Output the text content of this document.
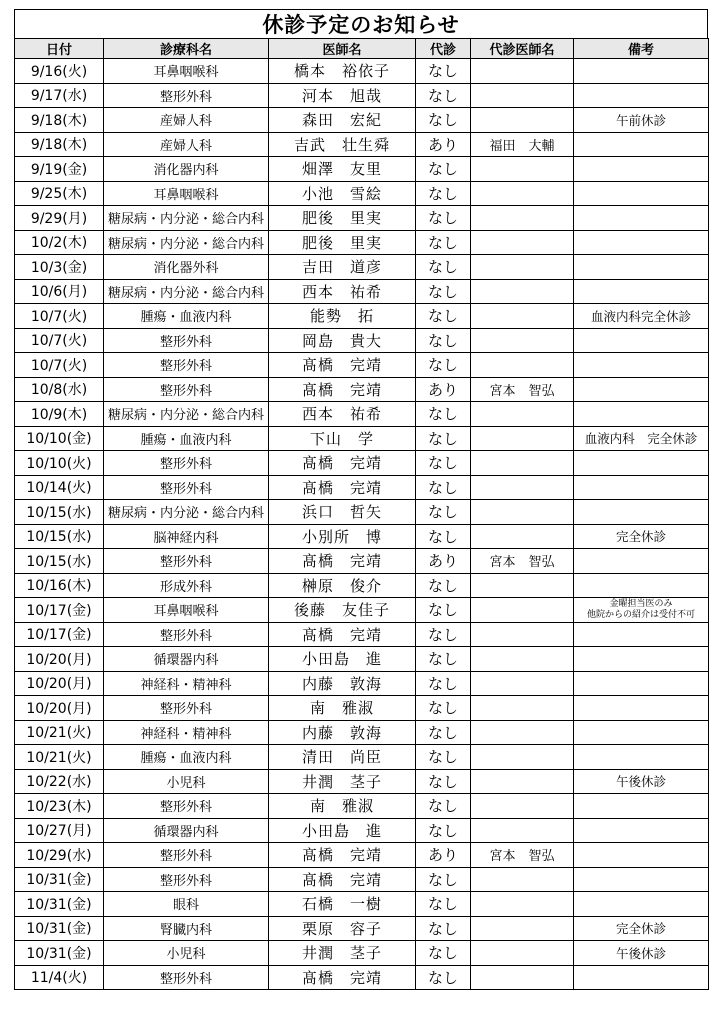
休診予定のお知らせ
日付	診療科名	医師名	代診	代診医師名	備考
9/16(火)	耳鼻咽喉科	橋本　裕依子	なし		
9/17(水)	整形外科	河本　旭哉	なし		
9/18(木)	産婦人科	森田　宏紀	なし		午前休診
9/18(木)	産婦人科	吉武　壮生舜	あり	福田　大輔	
9/19(金)	消化器内科	畑澤　友里	なし		
9/25(木)	耳鼻咽喉科	小池　雪絵	なし		
9/29(月)	糖尿病・内分泌・総合内科	肥後　里実	なし		
10/2(木)	糖尿病・内分泌・総合内科	肥後　里実	なし		
10/3(金)	消化器外科	吉田　道彦	なし		
10/6(月)	糖尿病・内分泌・総合内科	西本　祐希	なし		
10/7(火)	腫瘍・血液内科	能勢　拓	なし		血液内科完全休診
10/7(火)	整形外科	岡島　貴大	なし		
10/7(火)	整形外科	髙橋　完靖	なし		
10/8(水)	整形外科	髙橋　完靖	あり	宮本　智弘	
10/9(木)	糖尿病・内分泌・総合内科	西本　祐希	なし		
10/10(金)	腫瘍・血液内科	下山　学	なし		血液内科　完全休診
10/10(火)	整形外科	髙橋　完靖	なし		
10/14(火)	整形外科	髙橋　完靖	なし		
10/15(水)	糖尿病・内分泌・総合内科	浜口　哲矢	なし		
10/15(水)	脳神経内科	小別所　博	なし		完全休診
10/15(水)	整形外科	髙橋　完靖	あり	宮本　智弘	
10/16(木)	形成外科	榊原　俊介	なし		
10/17(金)	耳鼻咽喉科	後藤　友佳子	なし		金曜担当医のみ
他院からの紹介は受付不可

10/17(金)	整形外科	髙橋　完靖	なし		
10/20(月)	循環器内科	小田島　進	なし		
10/20(月)	神経科・精神科	内藤　敦海	なし		
10/20(月)	整形外科	南　雅淑	なし		
10/21(火)	神経科・精神科	内藤　敦海	なし		
10/21(火)	腫瘍・血液内科	清田　尚臣	なし		
10/22(水)	小児科	井潤　茎子	なし		午後休診
10/23(木)	整形外科	南　雅淑	なし		
10/27(月)	循環器内科	小田島　進	なし		
10/29(水)	整形外科	髙橋　完靖	あり	宮本　智弘	
10/31(金)	整形外科	髙橋　完靖	なし		
10/31(金)	眼科	石橋　一樹	なし		
10/31(金)	腎臓内科	栗原　容子	なし		完全休診
10/31(金)	小児科	井潤　茎子	なし		午後休診
11/4(火)	整形外科	髙橋　完靖	なし		
